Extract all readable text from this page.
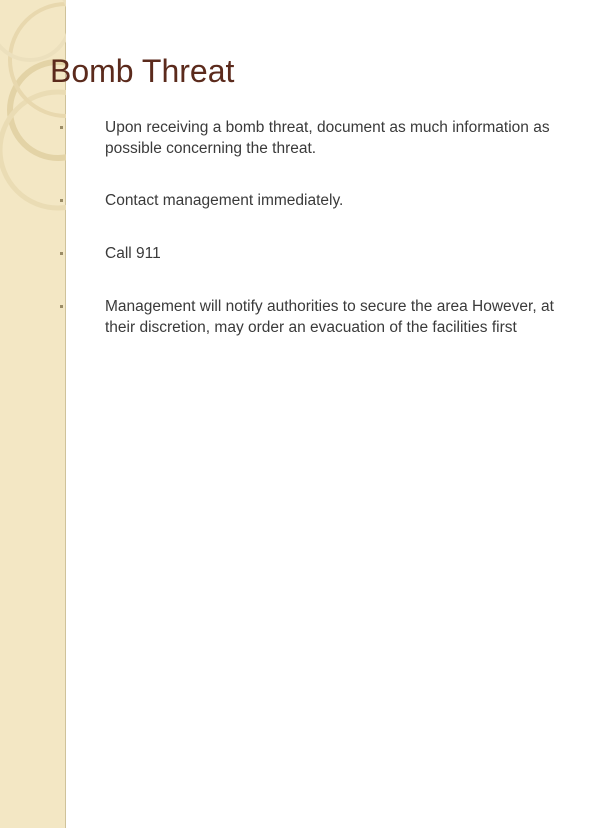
Bomb Threat
Upon receiving a bomb threat, document as much information as possible concerning the threat.
Contact management immediately.
Call 911
Management will notify authorities to secure the area However, at their discretion, may order an evacuation of the facilities first
